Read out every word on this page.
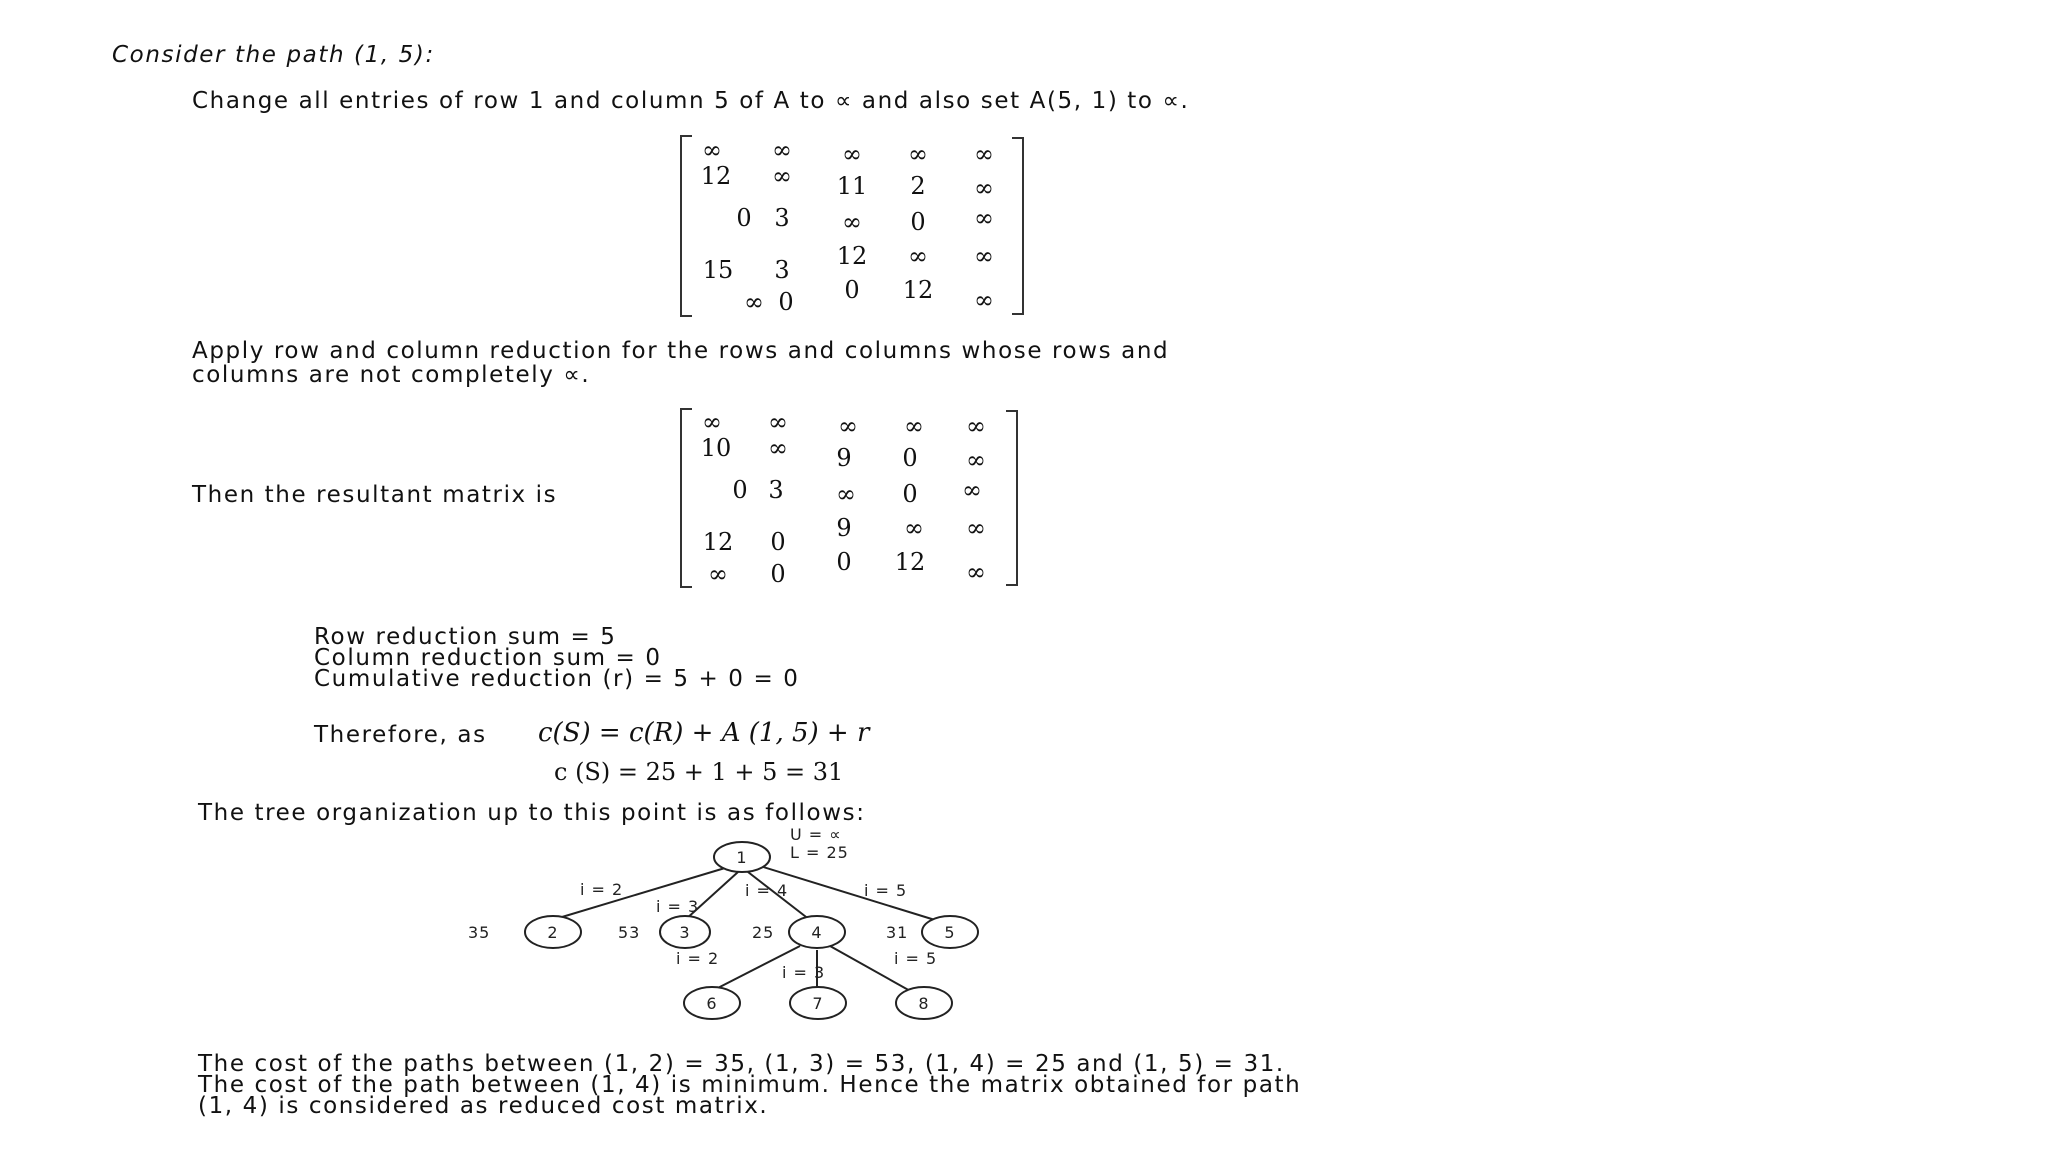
Consider the path (1, 5):
Change all entries of row 1 and column 5 of A to ∝ and also set A(5, 1) to ∝.
∞ ∞ ∞ ∞ ∞
12 ∞ 11 2 ∞
0 3 ∞ 0 ∞
15 3 12 ∞ ∞
∞ 0 0 12 ∞
Apply row and column reduction for the rows and columns whose rows and
columns are not completely ∝.
Then the resultant matrix is
∞ ∞ ∞ ∞ ∞
10 ∞ 9 0 ∞
0 3 ∞ 0 ∞
12 0 9 ∞ ∞
∞ 0 0 12 ∞
Row reduction sum = 5
Column reduction sum = 0
Cumulative reduction (r) = 5 + 0 = 0
Therefore, as c(S) = c(R) + A (1, 5) + r
c (S) = 25 + 1 + 5 = 31
The tree organization up to this point is as follows:
1
2	3	4	5
6	7	8
U = ∝
L = 25
i = 2
i = 3
i = 4	i = 5
35	53	25	31
i = 2
i = 3
i = 5
The cost of the paths between (1, 2) = 35, (1, 3) = 53, (1, 4) = 25 and (1, 5) = 31.
The cost of the path between (1, 4) is minimum. Hence the matrix obtained for path
(1, 4) is considered as reduced cost matrix.
